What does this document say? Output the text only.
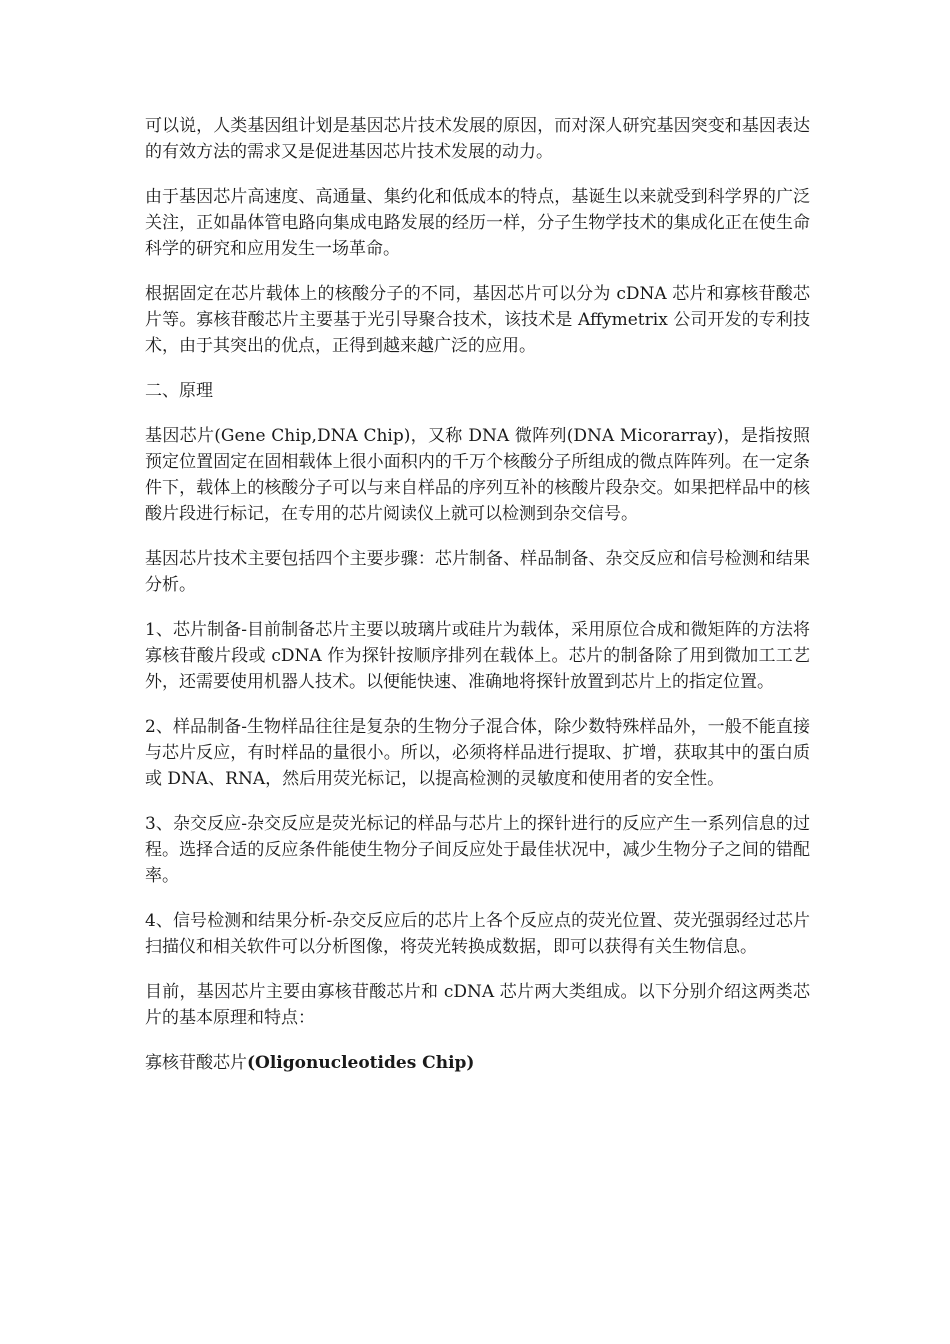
可以说，人类基因组计划是基因芯片技术发展的原因，而对深人研究基因突变和基因表达的有效方法的需求又是促进基因芯片技术发展的动力。

由于基因芯片高速度、高通量、集约化和低成本的特点，基诞生以来就受到科学界的广泛关注，正如晶体管电路向集成电路发展的经历一样，分子生物学技术的集成化正在使生命科学的研究和应用发生一场革命。

根据固定在芯片载体上的核酸分子的不同，基因芯片可以分为 cDNA 芯片和寡核苷酸芯片等。寡核苷酸芯片主要基于光引导聚合技术，该技术是 Affymetrix 公司开发的专利技术，由于其突出的优点，正得到越来越广泛的应用。

二、原理

基因芯片(Gene Chip,DNA Chip)，又称 DNA 微阵列(DNA Micorarray)，是指按照预定位置固定在固相载体上很小面积内的千万个核酸分子所组成的微点阵阵列。在一定条件下，载体上的核酸分子可以与来自样品的序列互补的核酸片段杂交。如果把样品中的核酸片段进行标记，在专用的芯片阅读仪上就可以检测到杂交信号。

基因芯片技术主要包括四个主要步骤：芯片制备、样品制备、杂交反应和信号检测和结果分析。

1、芯片制备-目前制备芯片主要以玻璃片或硅片为载体，采用原位合成和微矩阵的方法将寡核苷酸片段或 cDNA 作为探针按顺序排列在载体上。芯片的制备除了用到微加工工艺外，还需要使用机器人技术。以便能快速、准确地将探针放置到芯片上的指定位置。

2、样品制备-生物样品往往是复杂的生物分子混合体，除少数特殊样品外，一般不能直接与芯片反应，有时样品的量很小。所以，必须将样品进行提取、扩增，获取其中的蛋白质或 DNA、RNA，然后用荧光标记，以提高检测的灵敏度和使用者的安全性。

3、杂交反应-杂交反应是荧光标记的样品与芯片上的探针进行的反应产生一系列信息的过程。选择合适的反应条件能使生物分子间反应处于最佳状况中，减少生物分子之间的错配率。

4、信号检测和结果分析-杂交反应后的芯片上各个反应点的荧光位置、荧光强弱经过芯片扫描仪和相关软件可以分析图像，将荧光转换成数据，即可以获得有关生物信息。

目前，基因芯片主要由寡核苷酸芯片和 cDNA 芯片两大类组成。以下分别介绍这两类芯片的基本原理和特点：

寡核苷酸芯片(Oligonucleotides Chip)
